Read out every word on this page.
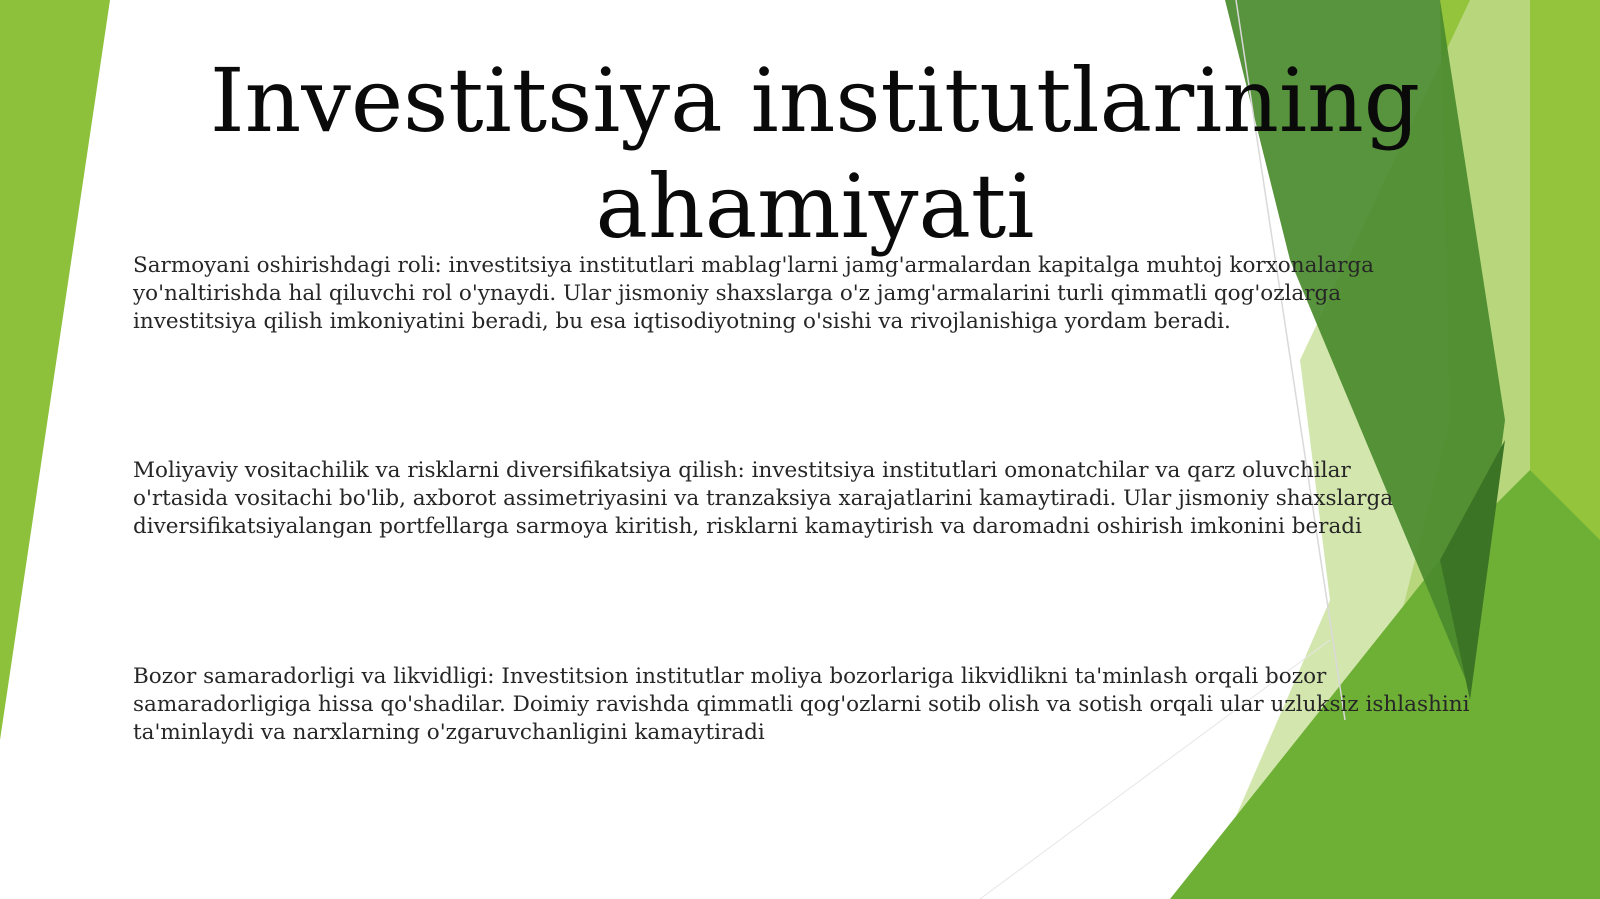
Investitsiya institutlarining
ahamiyati

Sarmoyani oshirishdagi roli: investitsiya institutlari mablag'larni jamg'armalardan kapitalga muhtoj korxonalarga
yo'naltirishda hal qiluvchi rol o'ynaydi. Ular jismoniy shaxslarga o'z jamg'armalarini turli qimmatli qog'ozlarga
investitsiya qilish imkoniyatini beradi, bu esa iqtisodiyotning o'sishi va rivojlanishiga yordam beradi.

Moliyaviy vositachilik va risklarni diversifikatsiya qilish: investitsiya institutlari omonatchilar va qarz oluvchilar
o'rtasida vositachi bo'lib, axborot assimetriyasini va tranzaksiya xarajatlarini kamaytiradi. Ular jismoniy shaxslarga
diversifikatsiyalangan portfellarga sarmoya kiritish, risklarni kamaytirish va daromadni oshirish imkonini beradi

Bozor samaradorligi va likvidligi: Investitsion institutlar moliya bozorlariga likvidlikni ta'minlash orqali bozor
samaradorligiga hissa qo'shadilar. Doimiy ravishda qimmatli qog'ozlarni sotib olish va sotish orqali ular uzluksiz ishlashini
ta'minlaydi va narxlarning o'zgaruvchanligini kamaytiradi
